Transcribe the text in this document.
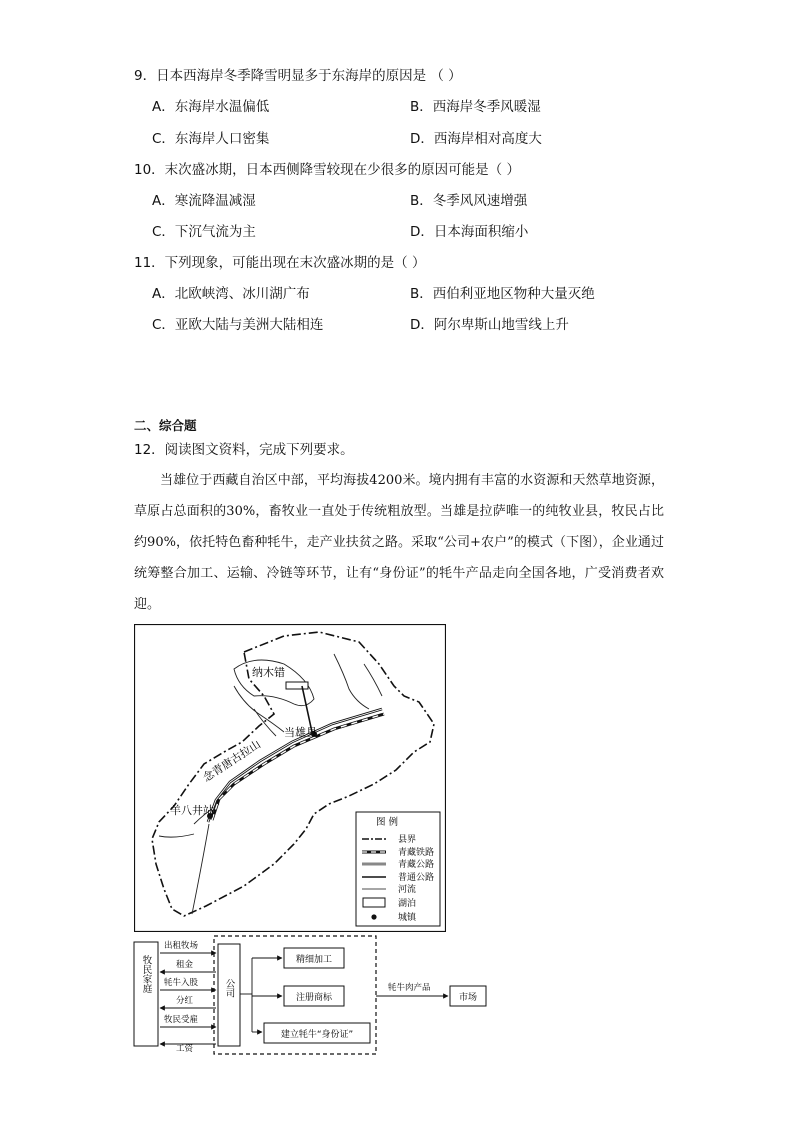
9．日本西海岸冬季降雪明显多于东海岸的原因是 （ ）
A．东海岸水温偏低	B．西海岸冬季风暖湿
C．东海岸人口密集	D．西海岸相对高度大
10．末次盛冰期，日本西侧降雪较现在少很多的原因可能是（ ）
A．寒流降温减湿	B．冬季风风速增强
C．下沉气流为主	D．日本海面积缩小
11．下列现象，可能出现在末次盛冰期的是（ ）
A．北欧峡湾、冰川湖广布	B．西伯利亚地区物种大量灭绝
C．亚欧大陆与美洲大陆相连	D．阿尔卑斯山地雪线上升
二、综合题
12．阅读图文资料，完成下列要求。
当雄位于西藏自治区中部，平均海拔4200米。境内拥有丰富的水资源和天然草地资源，草原占总面积的30%，畜牧业一直处于传统粗放型。当雄是拉萨唯一的纯牧业县，牧民占比约90%，依托特色畜种牦牛，走产业扶贫之路。采取“公司+农户”的模式（下图），企业通过统筹整合加工、运输、冷链等环节，让有“身份证”的牦牛产品走向全国各地，广受消费者欢迎。
纳木错
念青唐古拉山
当雄县
羊八井站
图 例
县界
青藏铁路
青藏公路
普通公路
河流
湖泊
城镇
牧民家庭	公司
出租牧场
租金
牦牛入股
分红
牧民受雇
工资
精细加工
注册商标
建立牦牛“身份证”
牦牛肉产品
市场
